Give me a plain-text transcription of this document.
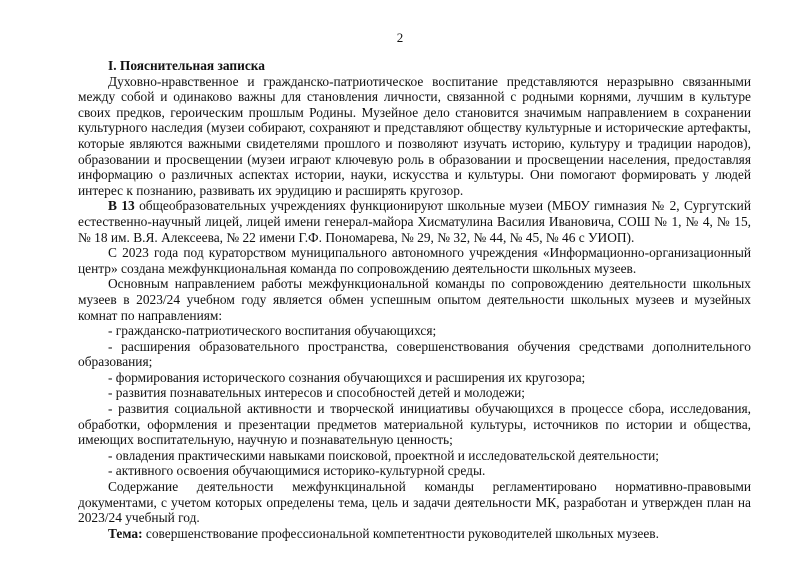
2
I. Пояснительная записка

Духовно-нравственное и гражданско-патриотическое воспитание представляются неразрывно связанными между собой и одинаково важны для становления личности, связанной с родными корнями, лучшим в культуре своих предков, героическим прошлым Родины. Музейное дело становится значимым направлением в сохранении культурного наследия (музеи собирают, сохраняют и представляют обществу культурные и исторические артефакты, которые являются важными свидетелями прошлого и позволяют изучать историю, культуру и традиции народов), образовании и просвещении (музеи играют ключевую роль в образовании и просвещении населения, предоставляя информацию о различных аспектах истории, науки, искусства и культуры. Они помогают формировать у людей интерес к познанию, развивать их эрудицию и расширять кругозор.

В 13 общеобразовательных учреждениях функционируют школьные музеи (МБОУ гимназия № 2, Сургутский естественно-научный лицей, лицей имени генерал-майора Хисматулина Василия Ивановича, СОШ № 1, № 4, № 15, № 18 им. В.Я. Алексеева, № 22 имени Г.Ф. Пономарева, № 29, № 32, № 44, № 45, № 46 с УИОП).

С 2023 года под кураторством муниципального автономного учреждения «Информационно-организационный центр» создана межфункциональная команда по сопровождению деятельности школьных музеев.

Основным направлением работы межфункциональной команды по сопровождению деятельности школьных музеев в 2023/24 учебном году является обмен успешным опытом деятельности школьных музеев и музейных комнат по направлениям:

- гражданско-патриотического воспитания обучающихся;
- расширения образовательного пространства, совершенствования обучения средствами дополнительного образования;
- формирования исторического сознания обучающихся и расширения их кругозора;
- развития познавательных интересов и способностей детей и молодежи;
- развития социальной активности и творческой инициативы обучающихся в процессе сбора, исследования, обработки, оформления и презентации предметов материальной культуры, источников по истории и общества, имеющих воспитательную, научную и познавательную ценность;
- овладения практическими навыками поисковой, проектной и исследовательской деятельности;
- активного освоения обучающимися историко-культурной среды.

Содержание деятельности межфункцинальной команды регламентировано нормативно-правовыми документами, с учетом которых определены тема, цель и задачи деятельности МК, разработан и утвержден план на 2023/24 учебный год.

Тема: совершенствование профессиональной компетентности руководителей школьных музеев.
